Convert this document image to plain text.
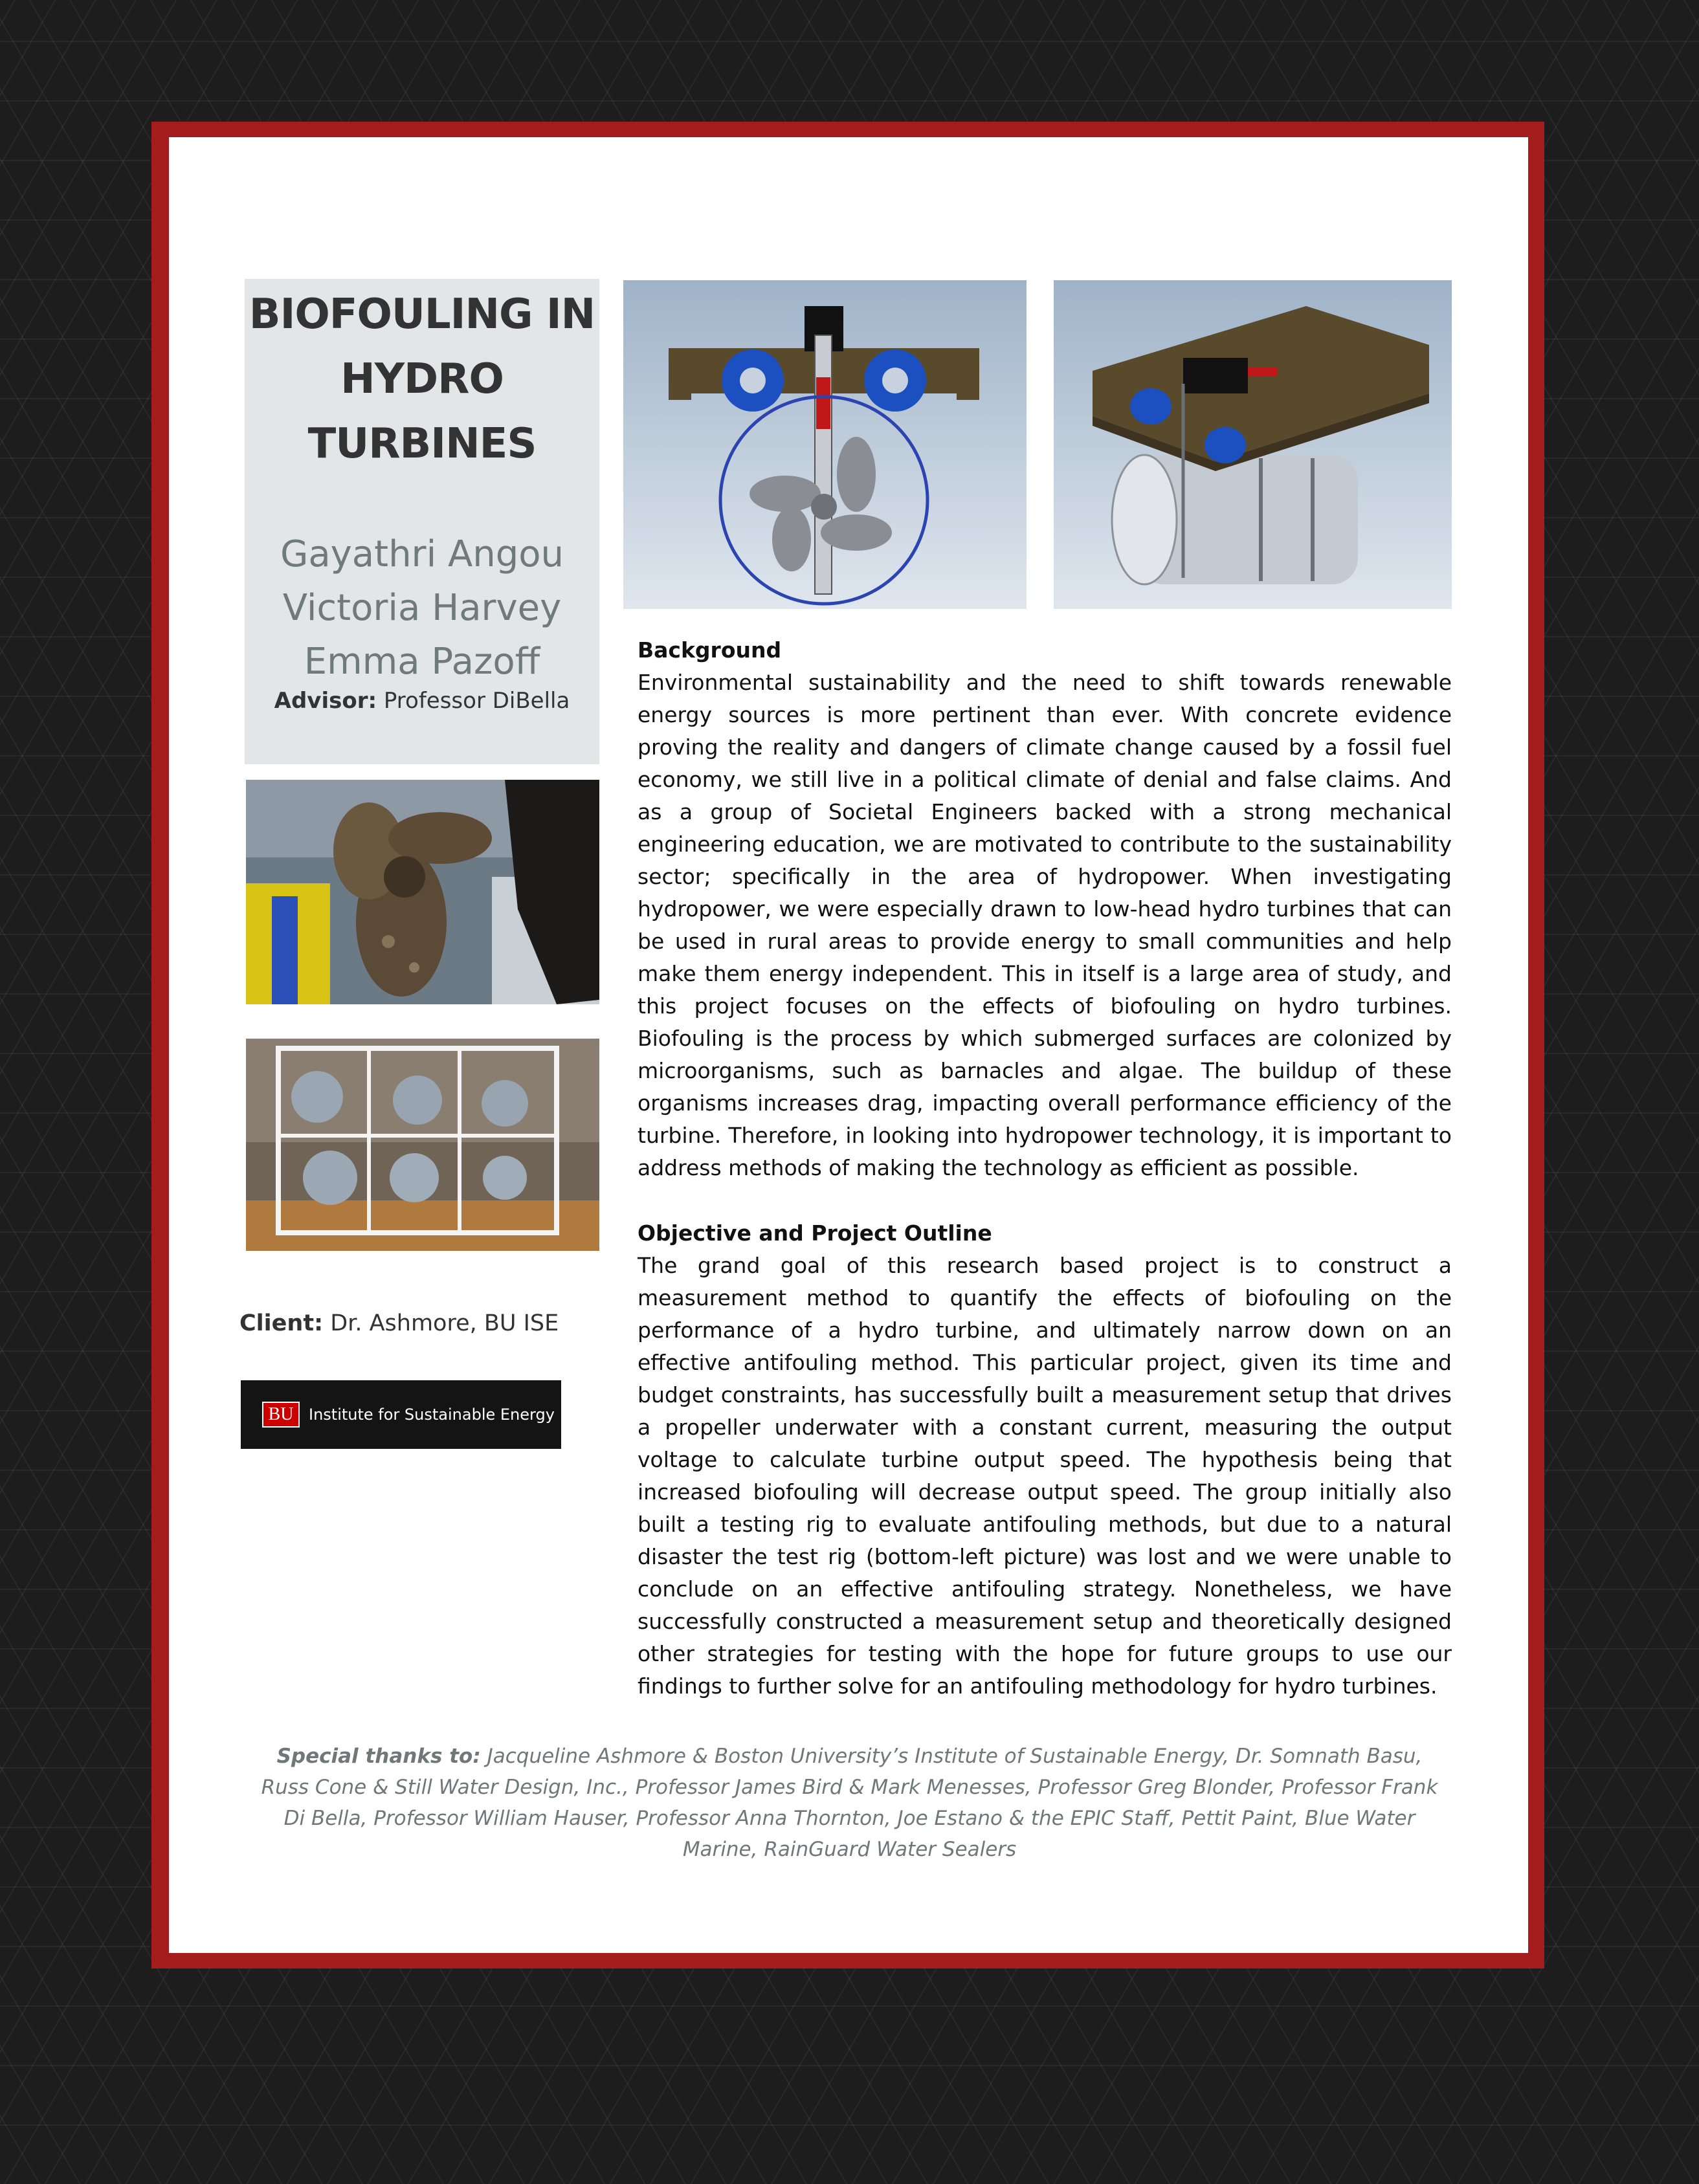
BIOFOULING IN HYDRO TURBINES
Gayathri Angou
Victoria Harvey
Emma Pazoff
Advisor: Professor DiBella
Client: Dr. Ashmore, BU ISE
BU Institute for Sustainable Energy
Background
Environmental sustainability and the need to shift towards renewable energy sources is more pertinent than ever. With concrete evidence proving the reality and dangers of climate change caused by a fossil fuel economy, we still live in a political climate of denial and false claims. And as a group of Societal Engineers backed with a strong mechanical engineering education, we are motivated to contribute to the sustainability sector; specifically in the area of hydropower. When investigating hydropower, we were especially drawn to low-head hydro turbines that can be used in rural areas to provide energy to small communities and help make them energy independent. This in itself is a large area of study, and this project focuses on the effects of biofouling on hydro turbines. Biofouling is the process by which submerged surfaces are colonized by microorganisms, such as barnacles and algae. The buildup of these organisms increases drag, impacting overall performance efficiency of the turbine. Therefore, in looking into hydropower technology, it is important to address methods of making the technology as efficient as possible.
Objective and Project Outline
The grand goal of this research based project is to construct a measurement method to quantify the effects of biofouling on the performance of a hydro turbine, and ultimately narrow down on an effective antifouling method. This particular project, given its time and budget constraints, has successfully built a measurement setup that drives a propeller underwater with a constant current, measuring the output voltage to calculate turbine output speed. The hypothesis being that increased biofouling will decrease output speed. The group initially also built a testing rig to evaluate antifouling methods, but due to a natural disaster the test rig (bottom-left picture) was lost and we were unable to conclude on an effective antifouling strategy. Nonetheless, we have successfully constructed a measurement setup and theoretically designed other strategies for testing with the hope for future groups to use our findings to further solve for an antifouling methodology for hydro turbines.
Special thanks to: Jacqueline Ashmore & Boston University’s Institute of Sustainable Energy, Dr. Somnath Basu, Russ Cone & Still Water Design, Inc., Professor James Bird & Mark Menesses, Professor Greg Blonder, Professor Frank Di Bella, Professor William Hauser, Professor Anna Thornton, Joe Estano & the EPIC Staff, Pettit Paint, Blue Water Marine, RainGuard Water Sealers
